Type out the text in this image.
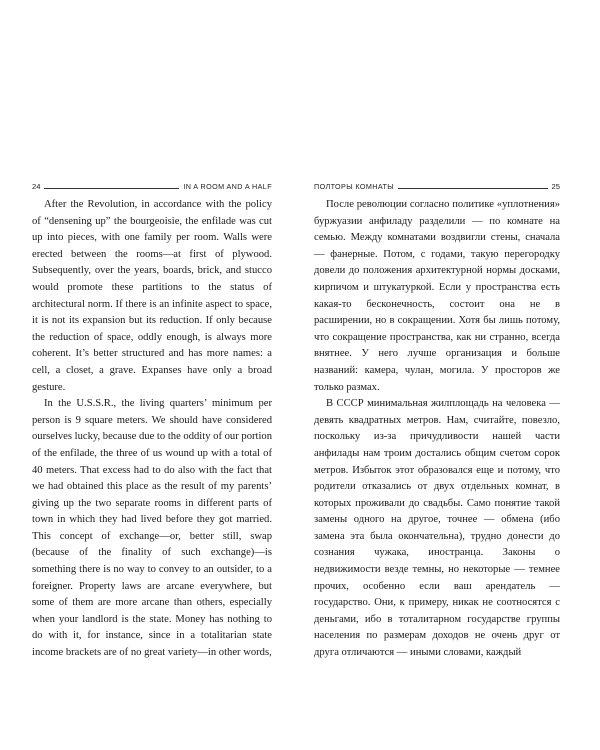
24	IN A ROOM AND A HALF

After the Revolution, in accordance with the policy of “densening up” the bourgeoisie, the enfilade was cut up into pieces, with one family per room. Walls were erected between the rooms—at first of plywood. Subsequently, over the years, boards, brick, and stucco would promote these partitions to the status of architectural norm. If there is an infinite aspect to space, it is not its expansion but its reduction. If only because the reduction of space, oddly enough, is always more coherent. It’s better structured and has more names: a cell, a closet, a grave. Expanses have only a broad gesture.

In the U.S.S.R., the living quarters’ minimum per person is 9 square meters. We should have considered ourselves lucky, because due to the oddity of our portion of the enfilade, the three of us wound up with a total of 40 meters. That excess had to do also with the fact that we had obtained this place as the result of my parents’ giving up the two separate rooms in different parts of town in which they had lived before they got married. This concept of exchange—or, better still, swap (because of the finality of such exchange)—is something there is no way to convey to an outsider, to a foreigner. Property laws are arcane everywhere, but some of them are more arcane than others, especially when your landlord is the state. Money has nothing to do with it, for instance, since in a totalitarian state income brackets are of no great variety—in other words,

ПОЛТОРЫ КОМНАТЫ	25

После революции согласно политике «уплотнения» буржуазии анфиладу разделили — по комнате на семью. Между комнатами воздвигли стены, сначала — фанерные. Потом, с годами, такую перегородку довели до положения архитектурной нормы досками, кирпичом и штукатуркой. Если у пространства есть какая-то бесконечность, состоит она не в расширении, но в сокращении. Хотя бы лишь потому, что сокращение пространства, как ни странно, всегда внятнее. У него лучше организация и больше названий: камера, чулан, могила. У просторов же только размах.

В СССР минимальная жилплощадь на человека — девять квадратных метров. Нам, считайте, повезло, поскольку из-за причудливости нашей части анфилады нам троим достались общим счетом сорок метров. Избыток этот образовался еще и потому, что родители отказались от двух отдельных комнат, в которых проживали до свадьбы. Само понятие такой замены одного на другое, точнее — обмена (ибо замена эта была окончательна), трудно донести до сознания чужака, иностранца. Законы о недвижимости везде темны, но некоторые — темнее прочих, особенно если ваш арендатель — государство. Они, к примеру, никак не соотносятся с деньгами, ибо в тоталитарном государстве группы населения по размерам доходов не очень друг от друга отличаются — иными словами, каждый
